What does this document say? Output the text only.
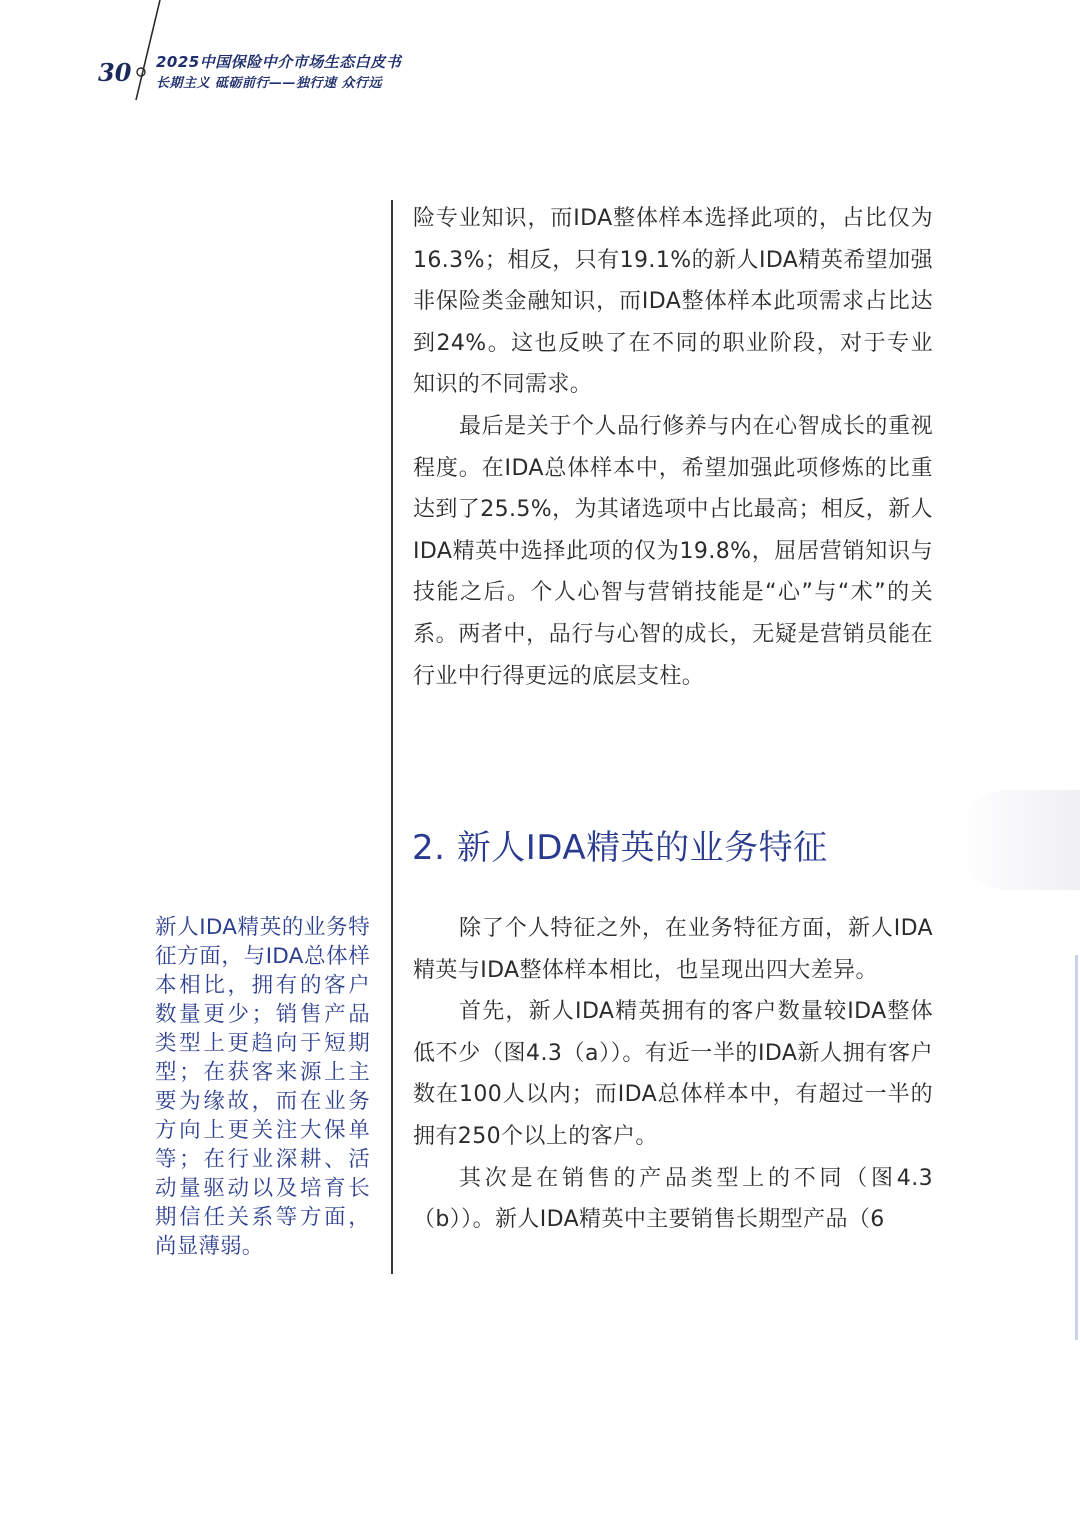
30 2025中国保险中介市场生态白皮书
长期主义 砥砺前行——独行速 众行远

险专业知识，而IDA整体样本选择此项的，占比仅为16.3%；相反，只有19.1%的新人IDA精英希望加强非保险类金融知识，而IDA整体样本此项需求占比达到24%。这也反映了在不同的职业阶段，对于专业知识的不同需求。

最后是关于个人品行修养与内在心智成长的重视程度。在IDA总体样本中，希望加强此项修炼的比重达到了25.5%，为其诸选项中占比最高；相反，新人IDA精英中选择此项的仅为19.8%，屈居营销知识与技能之后。个人心智与营销技能是“心”与“术”的关系。两者中，品行与心智的成长，无疑是营销员能在行业中行得更远的底层支柱。

2. 新人IDA精英的业务特征

除了个人特征之外，在业务特征方面，新人IDA精英与IDA整体样本相比，也呈现出四大差异。

首先，新人IDA精英拥有的客户数量较IDA整体低不少（图4.3（a））。有近一半的IDA新人拥有客户数在100人以内；而IDA总体样本中，有超过一半的拥有250个以上的客户。

其次是在销售的产品类型上的不同（图4.3（b））。新人IDA精英中主要销售长期型产品（6

新人IDA精英的业务特征方面，与IDA总体样本相比，拥有的客户数量更少；销售产品类型上更趋向于短期型；在获客来源上主要为缘故，而在业务方向上更关注大保单等；在行业深耕、活动量驱动以及培育长期信任关系等方面，尚显薄弱。
